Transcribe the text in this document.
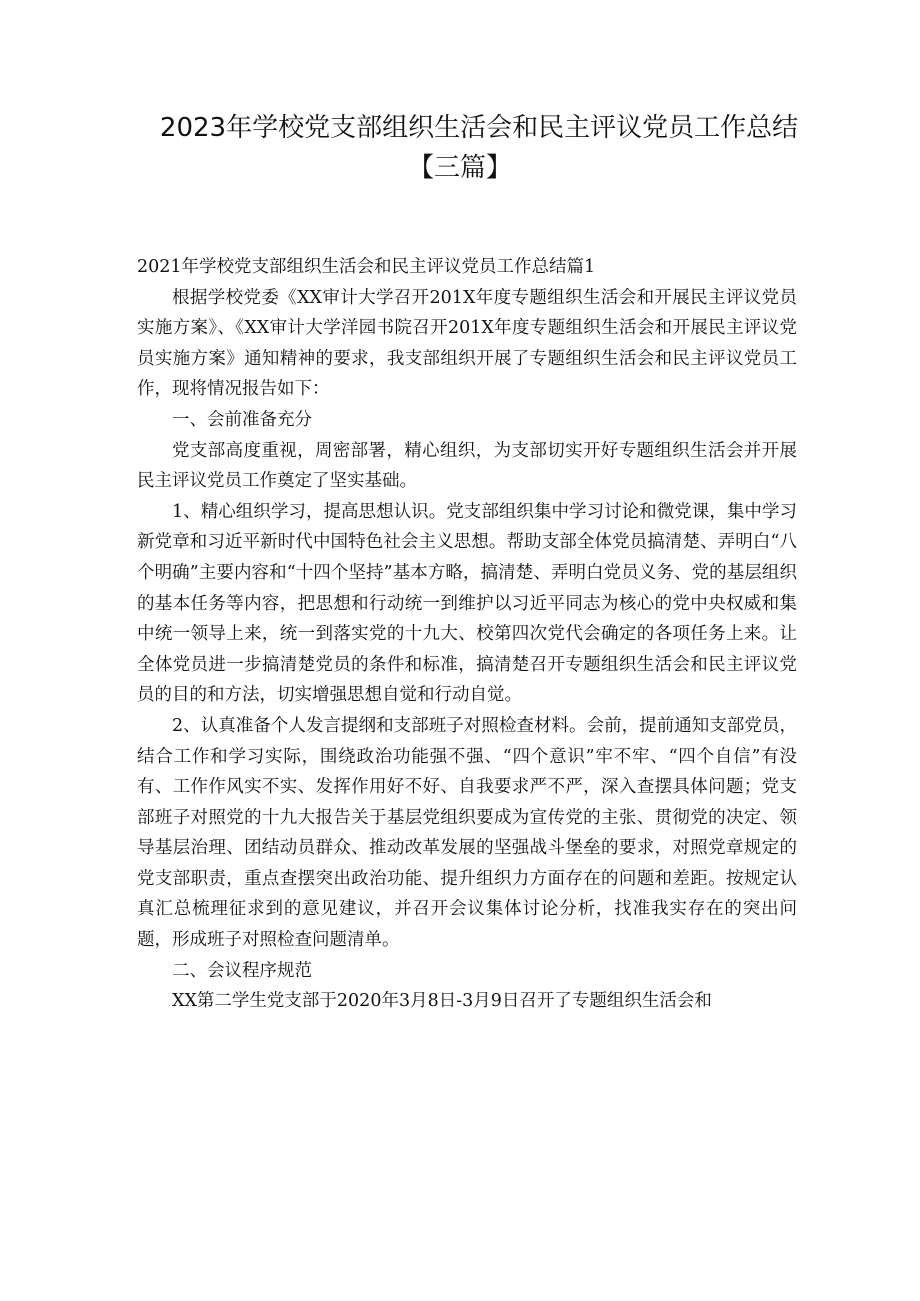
2023年学校党支部组织生活会和民主评议党员工作总结
【三篇】

2021年学校党支部组织生活会和民主评议党员工作总结篇1

根据学校党委《XX审计大学召开201X年度专题组织生活会和开展民主评议党员实施方案》、《XX审计大学洋园书院召开201X年度专题组织生活会和开展民主评议党员实施方案》通知精神的要求，我支部组织开展了专题组织生活会和民主评议党员工作，现将情况报告如下：

一、会前准备充分

党支部高度重视，周密部署，精心组织，为支部切实开好专题组织生活会并开展民主评议党员工作奠定了坚实基础。

1、精心组织学习，提高思想认识。党支部组织集中学习讨论和微党课，集中学习新党章和习近平新时代中国特色社会主义思想。帮助支部全体党员搞清楚、弄明白“八个明确”主要内容和“十四个坚持”基本方略，搞清楚、弄明白党员义务、党的基层组织的基本任务等内容，把思想和行动统一到维护以习近平同志为核心的党中央权威和集中统一领导上来，统一到落实党的十九大、校第四次党代会确定的各项任务上来。让全体党员进一步搞清楚党员的条件和标准，搞清楚召开专题组织生活会和民主评议党员的目的和方法，切实增强思想自觉和行动自觉。

2、认真准备个人发言提纲和支部班子对照检查材料。会前，提前通知支部党员，结合工作和学习实际，围绕政治功能强不强、“四个意识”牢不牢、“四个自信”有没有、工作作风实不实、发挥作用好不好、自我要求严不严，深入查摆具体问题；党支部班子对照党的十九大报告关于基层党组织要成为宣传党的主张、贯彻党的决定、领导基层治理、团结动员群众、推动改革发展的坚强战斗堡垒的要求，对照党章规定的党支部职责，重点查摆突出政治功能、提升组织力方面存在的问题和差距。按规定认真汇总梳理征求到的意见建议，并召开会议集体讨论分析，找准我实存在的突出问题，形成班子对照检查问题清单。

二、会议程序规范

XX第二学生党支部于2020年3月8日-3月9日召开了专题组织生活会和
